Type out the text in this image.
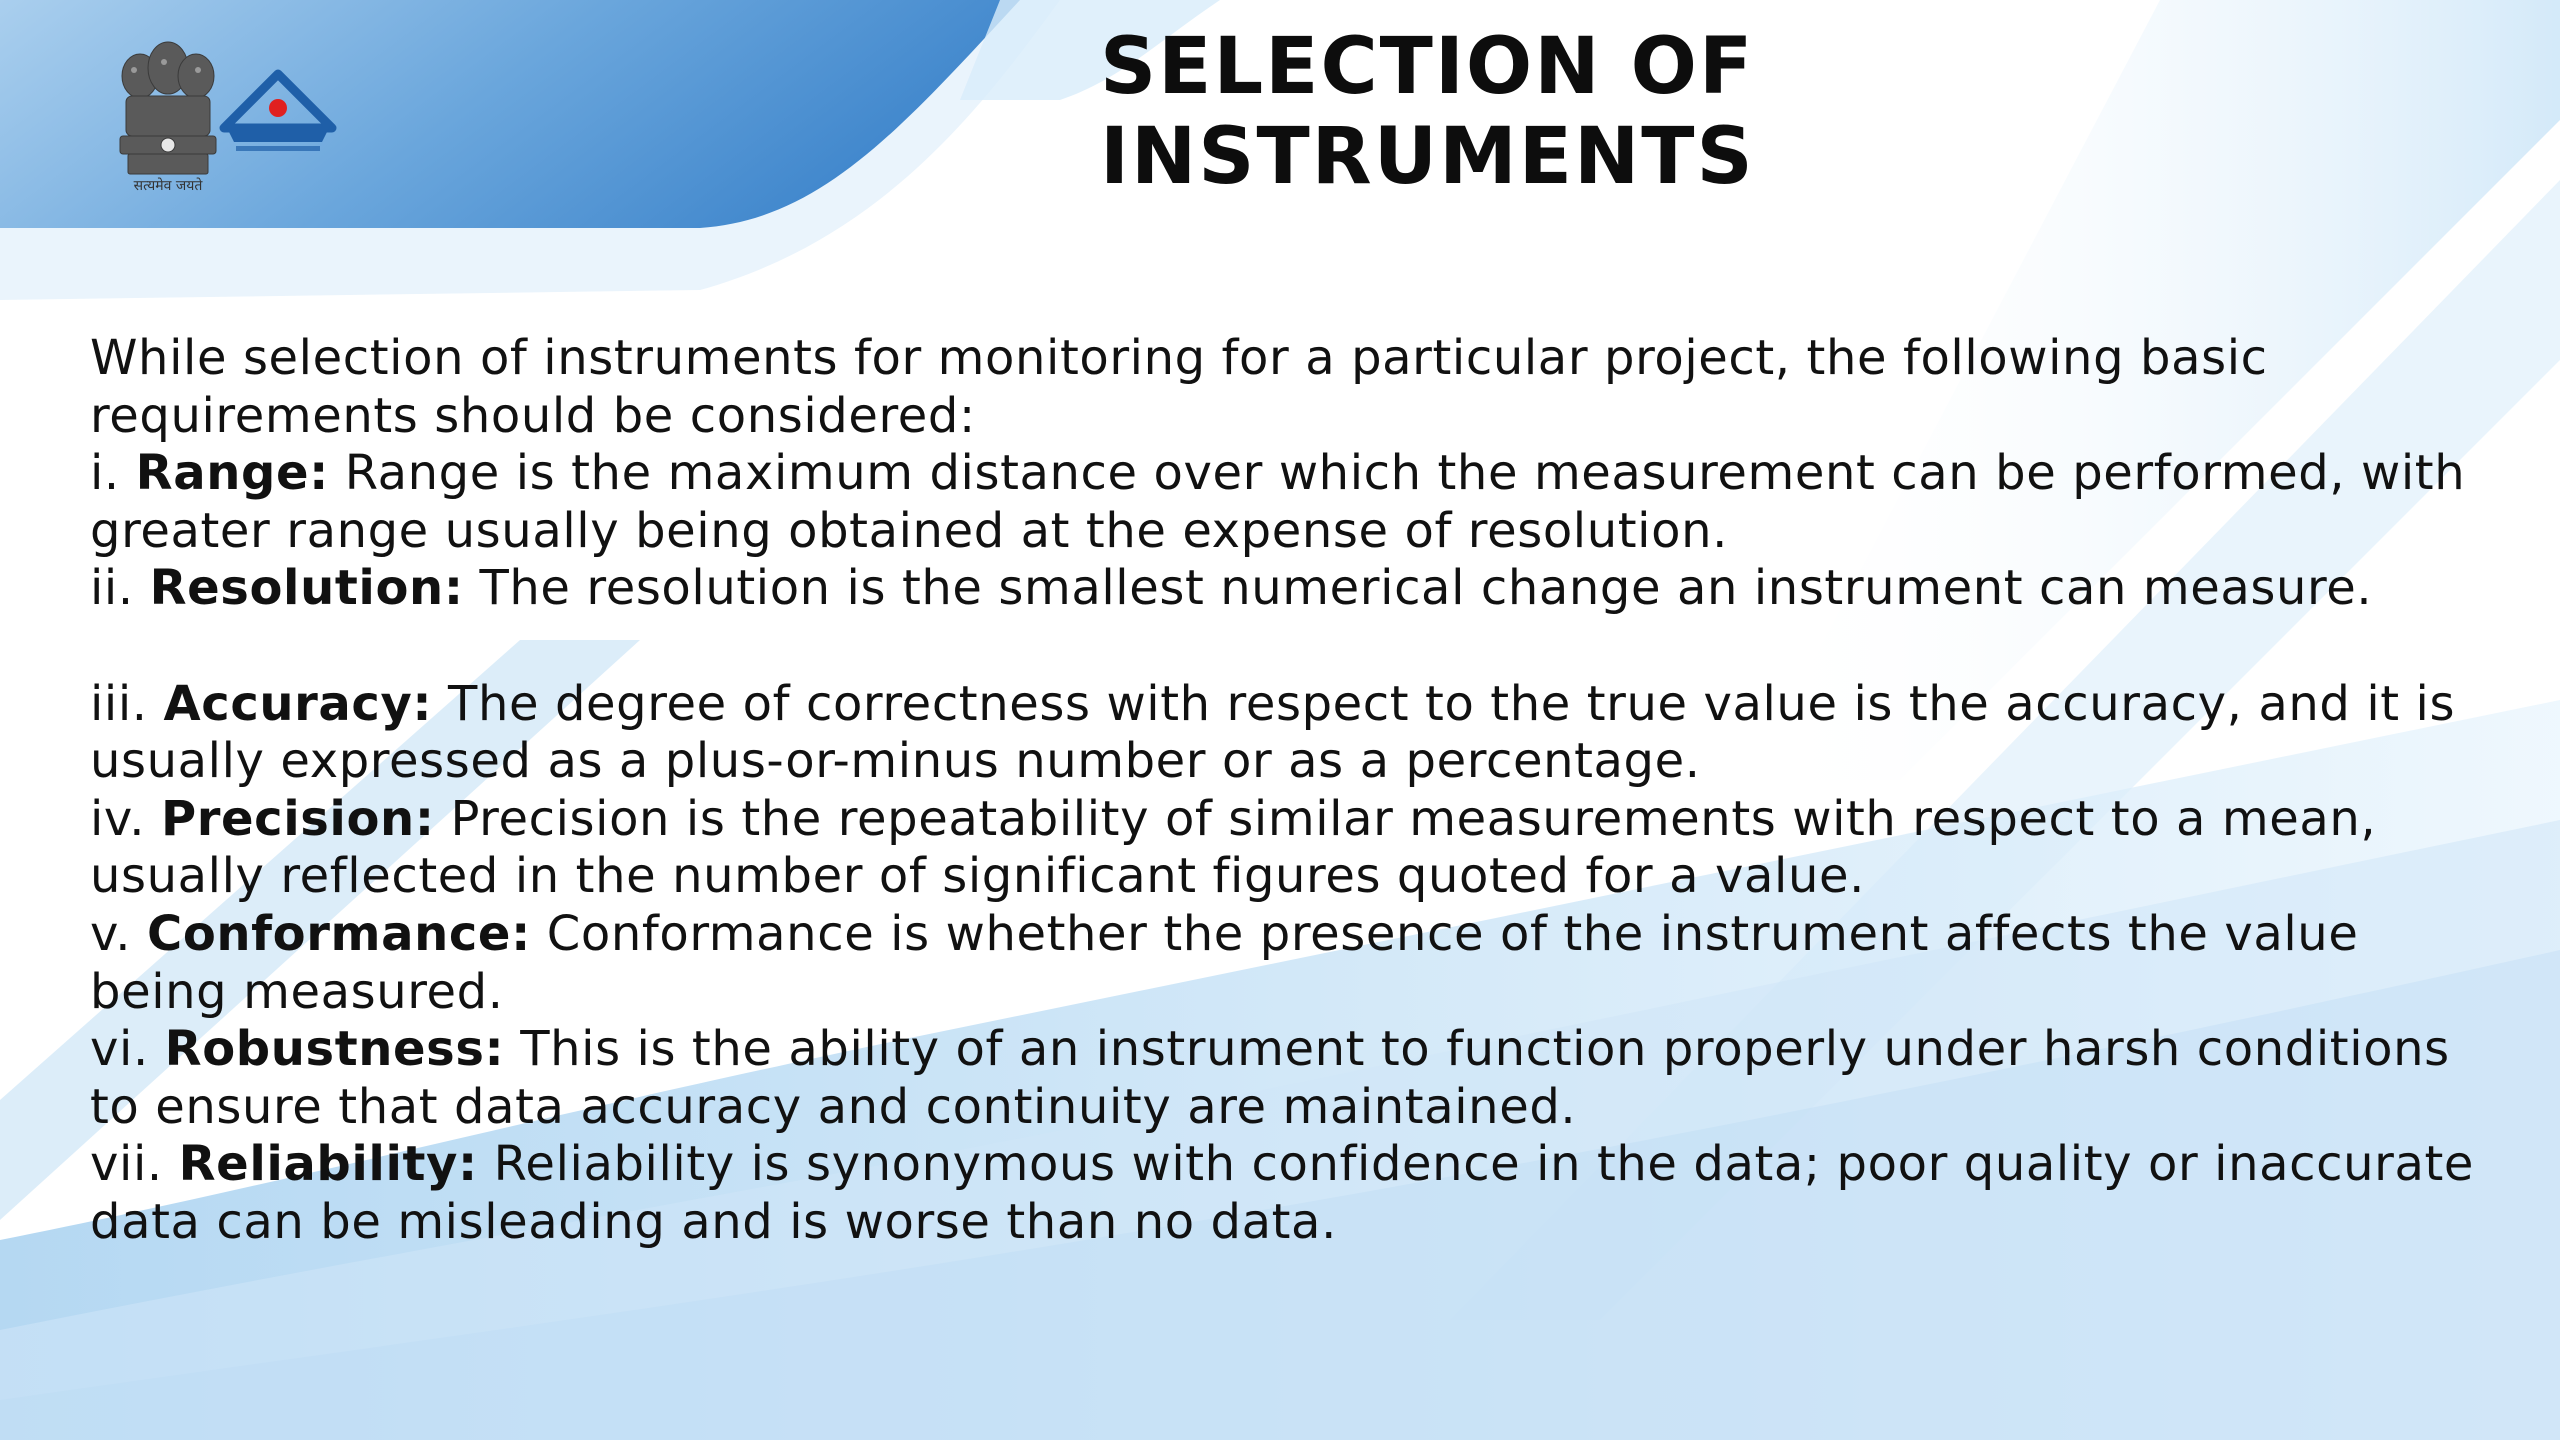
सत्यमेव जयते
SELECTION OF INSTRUMENTS

While selection of instruments for monitoring for a particular project, the following basic requirements should be considered:

i. Range: Range is the maximum distance over which the measurement can be performed, with greater range usually being obtained at the expense of resolution.

ii. Resolution: The resolution is the smallest numerical change an instrument can measure.

iii. Accuracy: The degree of correctness with respect to the true value is the accuracy, and it is usually expressed as a plus-or-minus number or as a percentage.

iv. Precision: Precision is the repeatability of similar measurements with respect to a mean, usually reflected in the number of significant figures quoted for a value.

v. Conformance: Conformance is whether the presence of the instrument affects the value being measured.

vi. Robustness: This is the ability of an instrument to function properly under harsh conditions to ensure that data accuracy and continuity are maintained.

vii. Reliability: Reliability is synonymous with confidence in the data; poor quality or inaccurate data can be misleading and is worse than no data.
